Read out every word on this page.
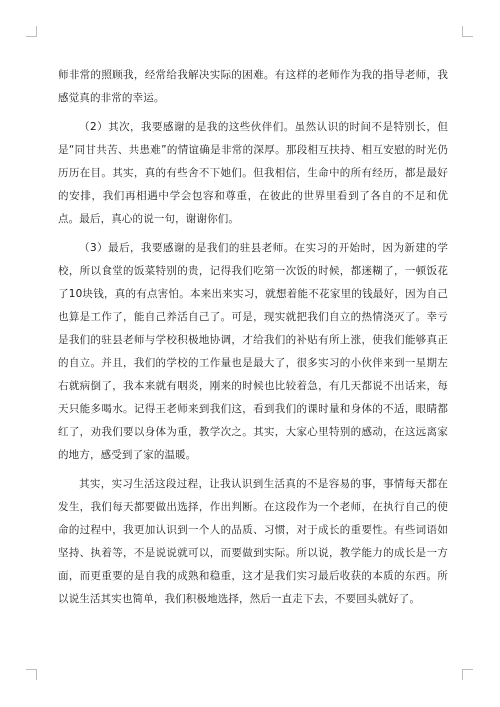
师非常的照顾我，经常给我解决实际的困难。有这样的老师作为我的指导老师，我感觉真的非常的幸运。

（2）其次，我要感谢的是我的这些伙伴们。虽然认识的时间不是特别长，但是“同甘共苦、共患难”的情谊确是非常的深厚。那段相互扶持、相互安慰的时光仍历历在目。其实，真的有些舍不下她们。但我相信，生命中的所有经历，都是最好的安排，我们再相遇中学会包容和尊重，在彼此的世界里看到了各自的不足和优点。最后，真心的说一句，谢谢你们。

（3）最后，我要感谢的是我们的驻县老师。在实习的开始时，因为新建的学校，所以食堂的饭菜特别的贵，记得我们吃第一次饭的时候，都迷糊了，一顿饭花了10块钱，真的有点害怕。本来出来实习，就想着能不花家里的钱最好，因为自己也算是工作了，能自己养活自己了。可是，现实就把我们自立的热情浇灭了。幸亏是我们的驻县老师与学校积极地协调，才给我们的补贴有所上涨，使我们能够真正的自立。并且，我们的学校的工作量也是最大了，很多实习的小伙伴来到一星期左右就病倒了，我本来就有咽炎，刚来的时候也比较着急，有几天都说不出话来，每天只能多喝水。记得王老师来到我们这，看到我们的课时量和身体的不适，眼睛都红了，劝我们要以身体为重，教学次之。其实，大家心里特别的感动，在这远离家的地方，感受到了家的温暖。

其实，实习生活这段过程，让我认识到生活真的不是容易的事，事情每天都在发生，我们每天都要做出选择，作出判断。在这段作为一个老师，在执行自己的使命的过程中，我更加认识到一个人的品质、习惯，对于成长的重要性。有些词语如坚持、执着等，不是说说就可以，而要做到实际。所以说，教学能力的成长是一方面，而更重要的是自我的成熟和稳重，这才是我们实习最后收获的本质的东西。所以说生活其实也简单，我们积极地选择，然后一直走下去，不要回头就好了。
